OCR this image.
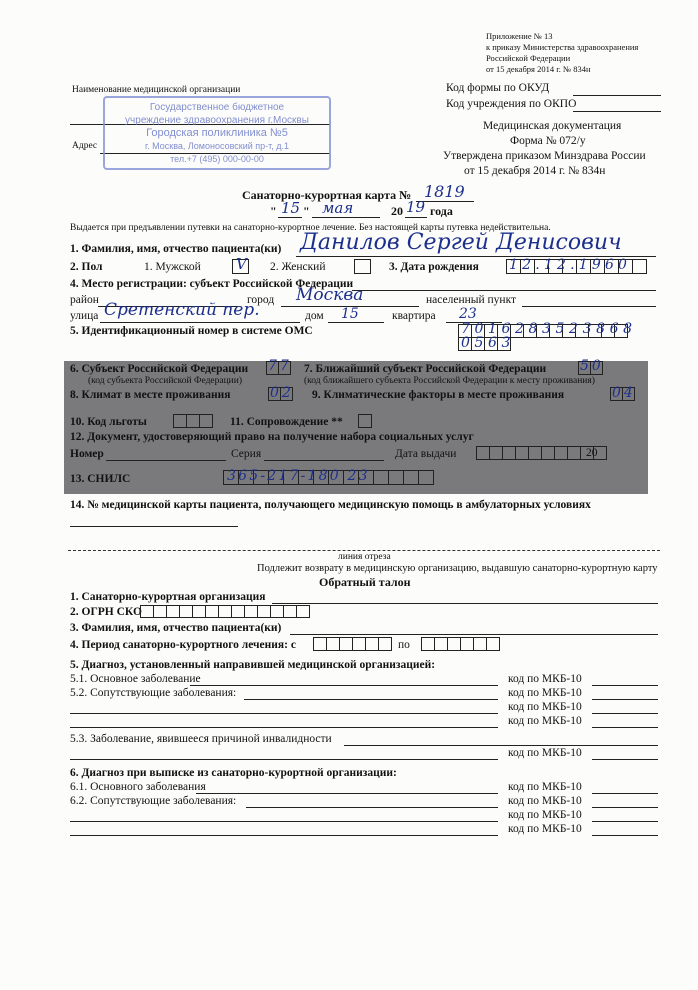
Приложение № 13
к приказу Министерства здравоохранения
Российской Федерации
от 15 декабря 2014 г. № 834н
Наименование медицинской организации
Адрес
Код формы по ОКУД
Код учреждения по ОКПО
Медицинская документация
Форма № 072/у
Утверждена приказом Минздрава России
от 15 декабря 2014 г. № 834н
Государственное бюджетное
учреждение здравоохранения г.Москвы
Городская поликлиника №5
г. Москва, Ломоносовский пр-т, д.1
тел.+7 (495) 000-00-00
Санаторно-курортная карта № 1819
" 15 " мая	20 19 года
Выдается при предъявлении путевки на санаторно-курортное лечение. Без настоящей карты путевка недействительна.
1. Фамилия, имя, отчество пациента(ки) Данилов Сергей Денисович
2. Пол	1. Мужской V 2. Женский	3. Дата рождения 12.12.1960
4. Место регистрации: субъект Российской Федерации
район	город Москва	населенный пункт
улица Сретенский пер.	дом 15	квартира 23
5. Идентификационный номер в системе ОМС	7016283523868
0563
6. Субъект Российской Федерации 77
(код субъекта Российской Федерации)
7. Ближайший субъект Российской Федерации 50
(код ближайшего субъекта Российской Федерации к месту проживания)
8. Климат в месте проживания	02 9. Климатические факторы в месте проживания	04
10. Код льготы	11. Сопровождение **
12. Документ, удостоверяющий право на получение набора социальных услуг
Номер	Серия	Дата выдачи	20
13. СНИЛС	365-217-180 23
14. № медицинской карты пациента, получающего медицинскую помощь в амбулаторных условиях
линия отреза
Подлежит возврату в медицинскую организацию, выдавшую санаторно-курортную карту
Обратный талон
1. Санаторно-курортная организация
2. ОГРН СКО
3. Фамилия, имя, отчество пациента(ки)
4. Период санаторно-курортного лечения: с	по
5. Диагноз, установленный направившей медицинской организацией:
5.1. Основное заболевание	код по МКБ-10
5.2. Сопутствующие заболевания:	код по МКБ-10
код по МКБ-10
код по МКБ-10
5.3. Заболевание, явившееся причиной инвалидности
код по МКБ-10
6. Диагноз при выписке из санаторно-курортной организации:
6.1. Основного заболевания	код по МКБ-10
6.2. Сопутствующие заболевания:	код по МКБ-10
код по МКБ-10
код по МКБ-10
